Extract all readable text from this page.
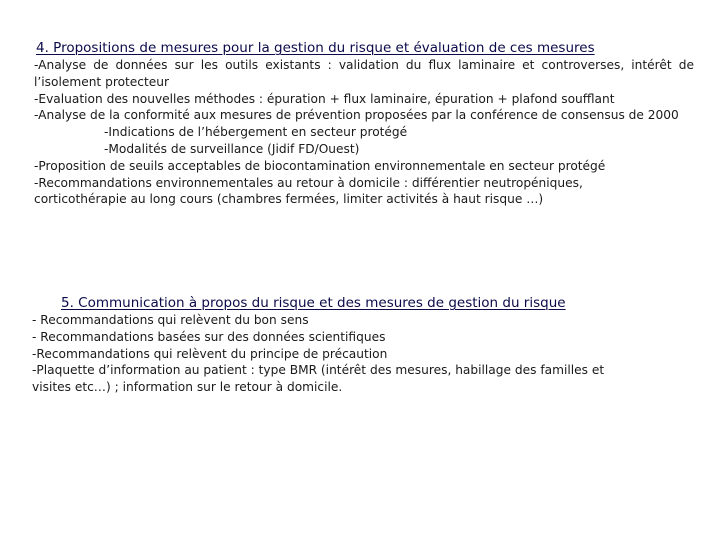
4. Propositions de mesures pour la gestion du risque et évaluation de ces mesures

-Analyse de données sur les outils existants : validation du flux laminaire et controverses, intérêt de l’isolement protecteur

-Evaluation des nouvelles méthodes : épuration + flux laminaire, épuration + plafond soufflant

-Analyse de la conformité aux mesures de prévention proposées par la conférence de consensus de 2000

-Indications de l’hébergement en secteur protégé

-Modalités de surveillance (Jidif FD/Ouest)

-Proposition de seuils acceptables de biocontamination environnementale en secteur protégé

-Recommandations environnementales au retour à domicile : différentier neutropéniques, corticothérapie au long cours (chambres fermées, limiter activités à haut risque …)

5. Communication à propos du risque et des mesures de gestion du risque

- Recommandations qui relèvent du bon sens

- Recommandations basées sur des données scientifiques

-Recommandations qui relèvent du principe de précaution

-Plaquette d’information au patient : type BMR (intérêt des mesures, habillage des familles et visites etc…) ; information sur le retour à domicile.
